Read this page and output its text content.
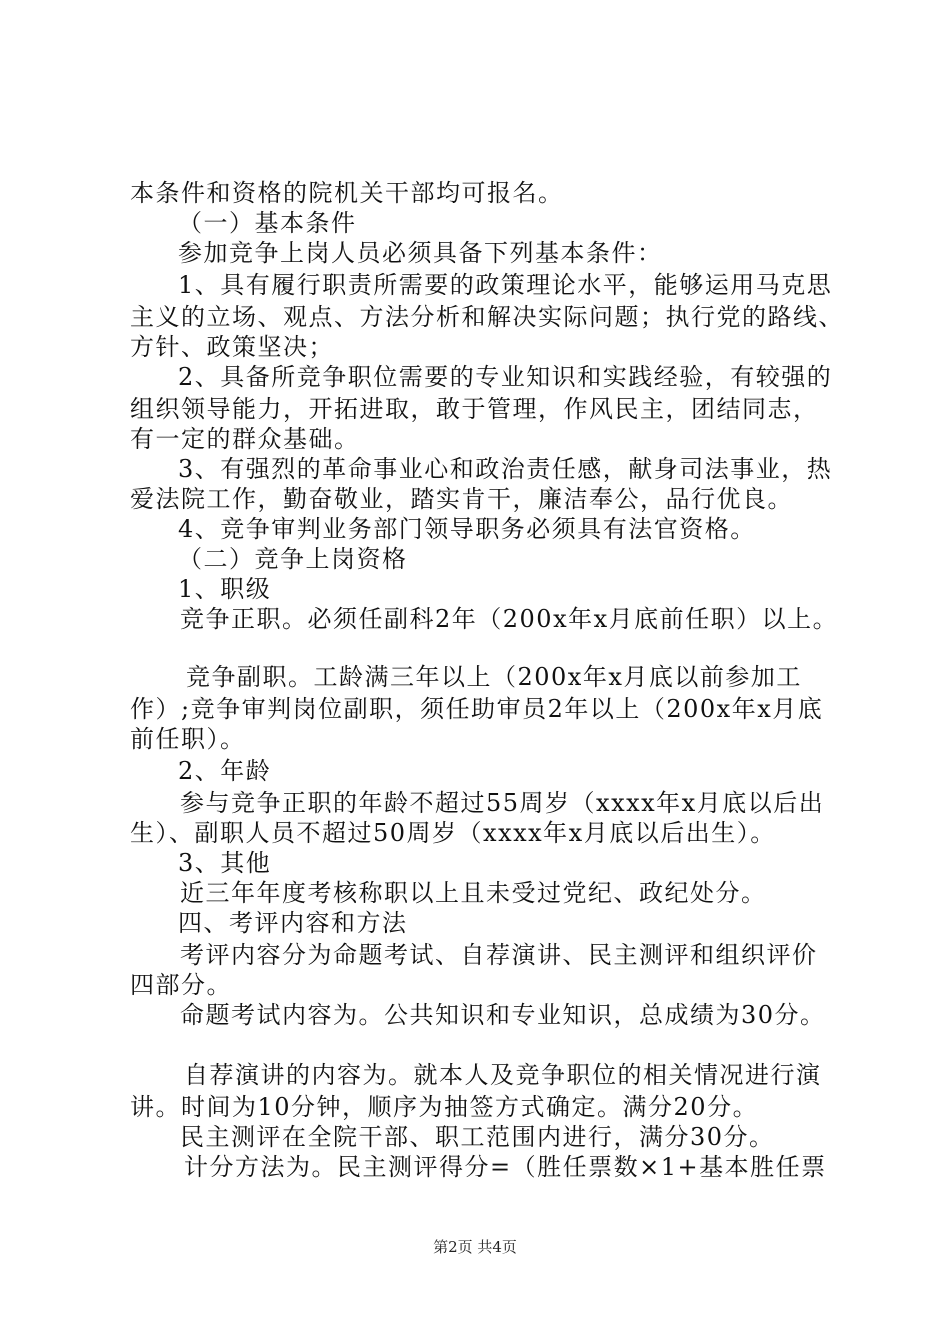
本条件和资格的院机关干部均可报名。
（一）基本条件
参加竞争上岗人员必须具备下列基本条件：
1、具有履行职责所需要的政策理论水平，能够运用马克思
主义的立场、观点、方法分析和解决实际问题；执行党的路线、
方针、政策坚决；
2、具备所竞争职位需要的专业知识和实践经验，有较强的
组织领导能力，开拓进取，敢于管理，作风民主，团结同志，
有一定的群众基础。
3、有强烈的革命事业心和政治责任感，献身司法事业，热
爱法院工作，勤奋敬业，踏实肯干，廉洁奉公，品行优良。
4、竞争审判业务部门领导职务必须具有法官资格。
（二）竞争上岗资格
1、职级
竞争正职。必须任副科2年（200x年x月底前任职）以上。
竞争副职。工龄满三年以上（200x年x月底以前参加工
作）;竞争审判岗位副职，须任助审员2年以上（200x年x月底
前任职）。
2、年龄
参与竞争正职的年龄不超过55周岁（xxxx年x月底以后出
生）、副职人员不超过50周岁（xxxx年x月底以后出生）。
3、其他
近三年年度考核称职以上且未受过党纪、政纪处分。
四、考评内容和方法
考评内容分为命题考试、自荐演讲、民主测评和组织评价
四部分。
命题考试内容为。公共知识和专业知识，总成绩为30分。
自荐演讲的内容为。就本人及竞争职位的相关情况进行演
讲。时间为10分钟，顺序为抽签方式确定。满分20分。
民主测评在全院干部、职工范围内进行，满分30分。
计分方法为。民主测评得分=（胜任票数×1+基本胜任票
第2页 共4页
